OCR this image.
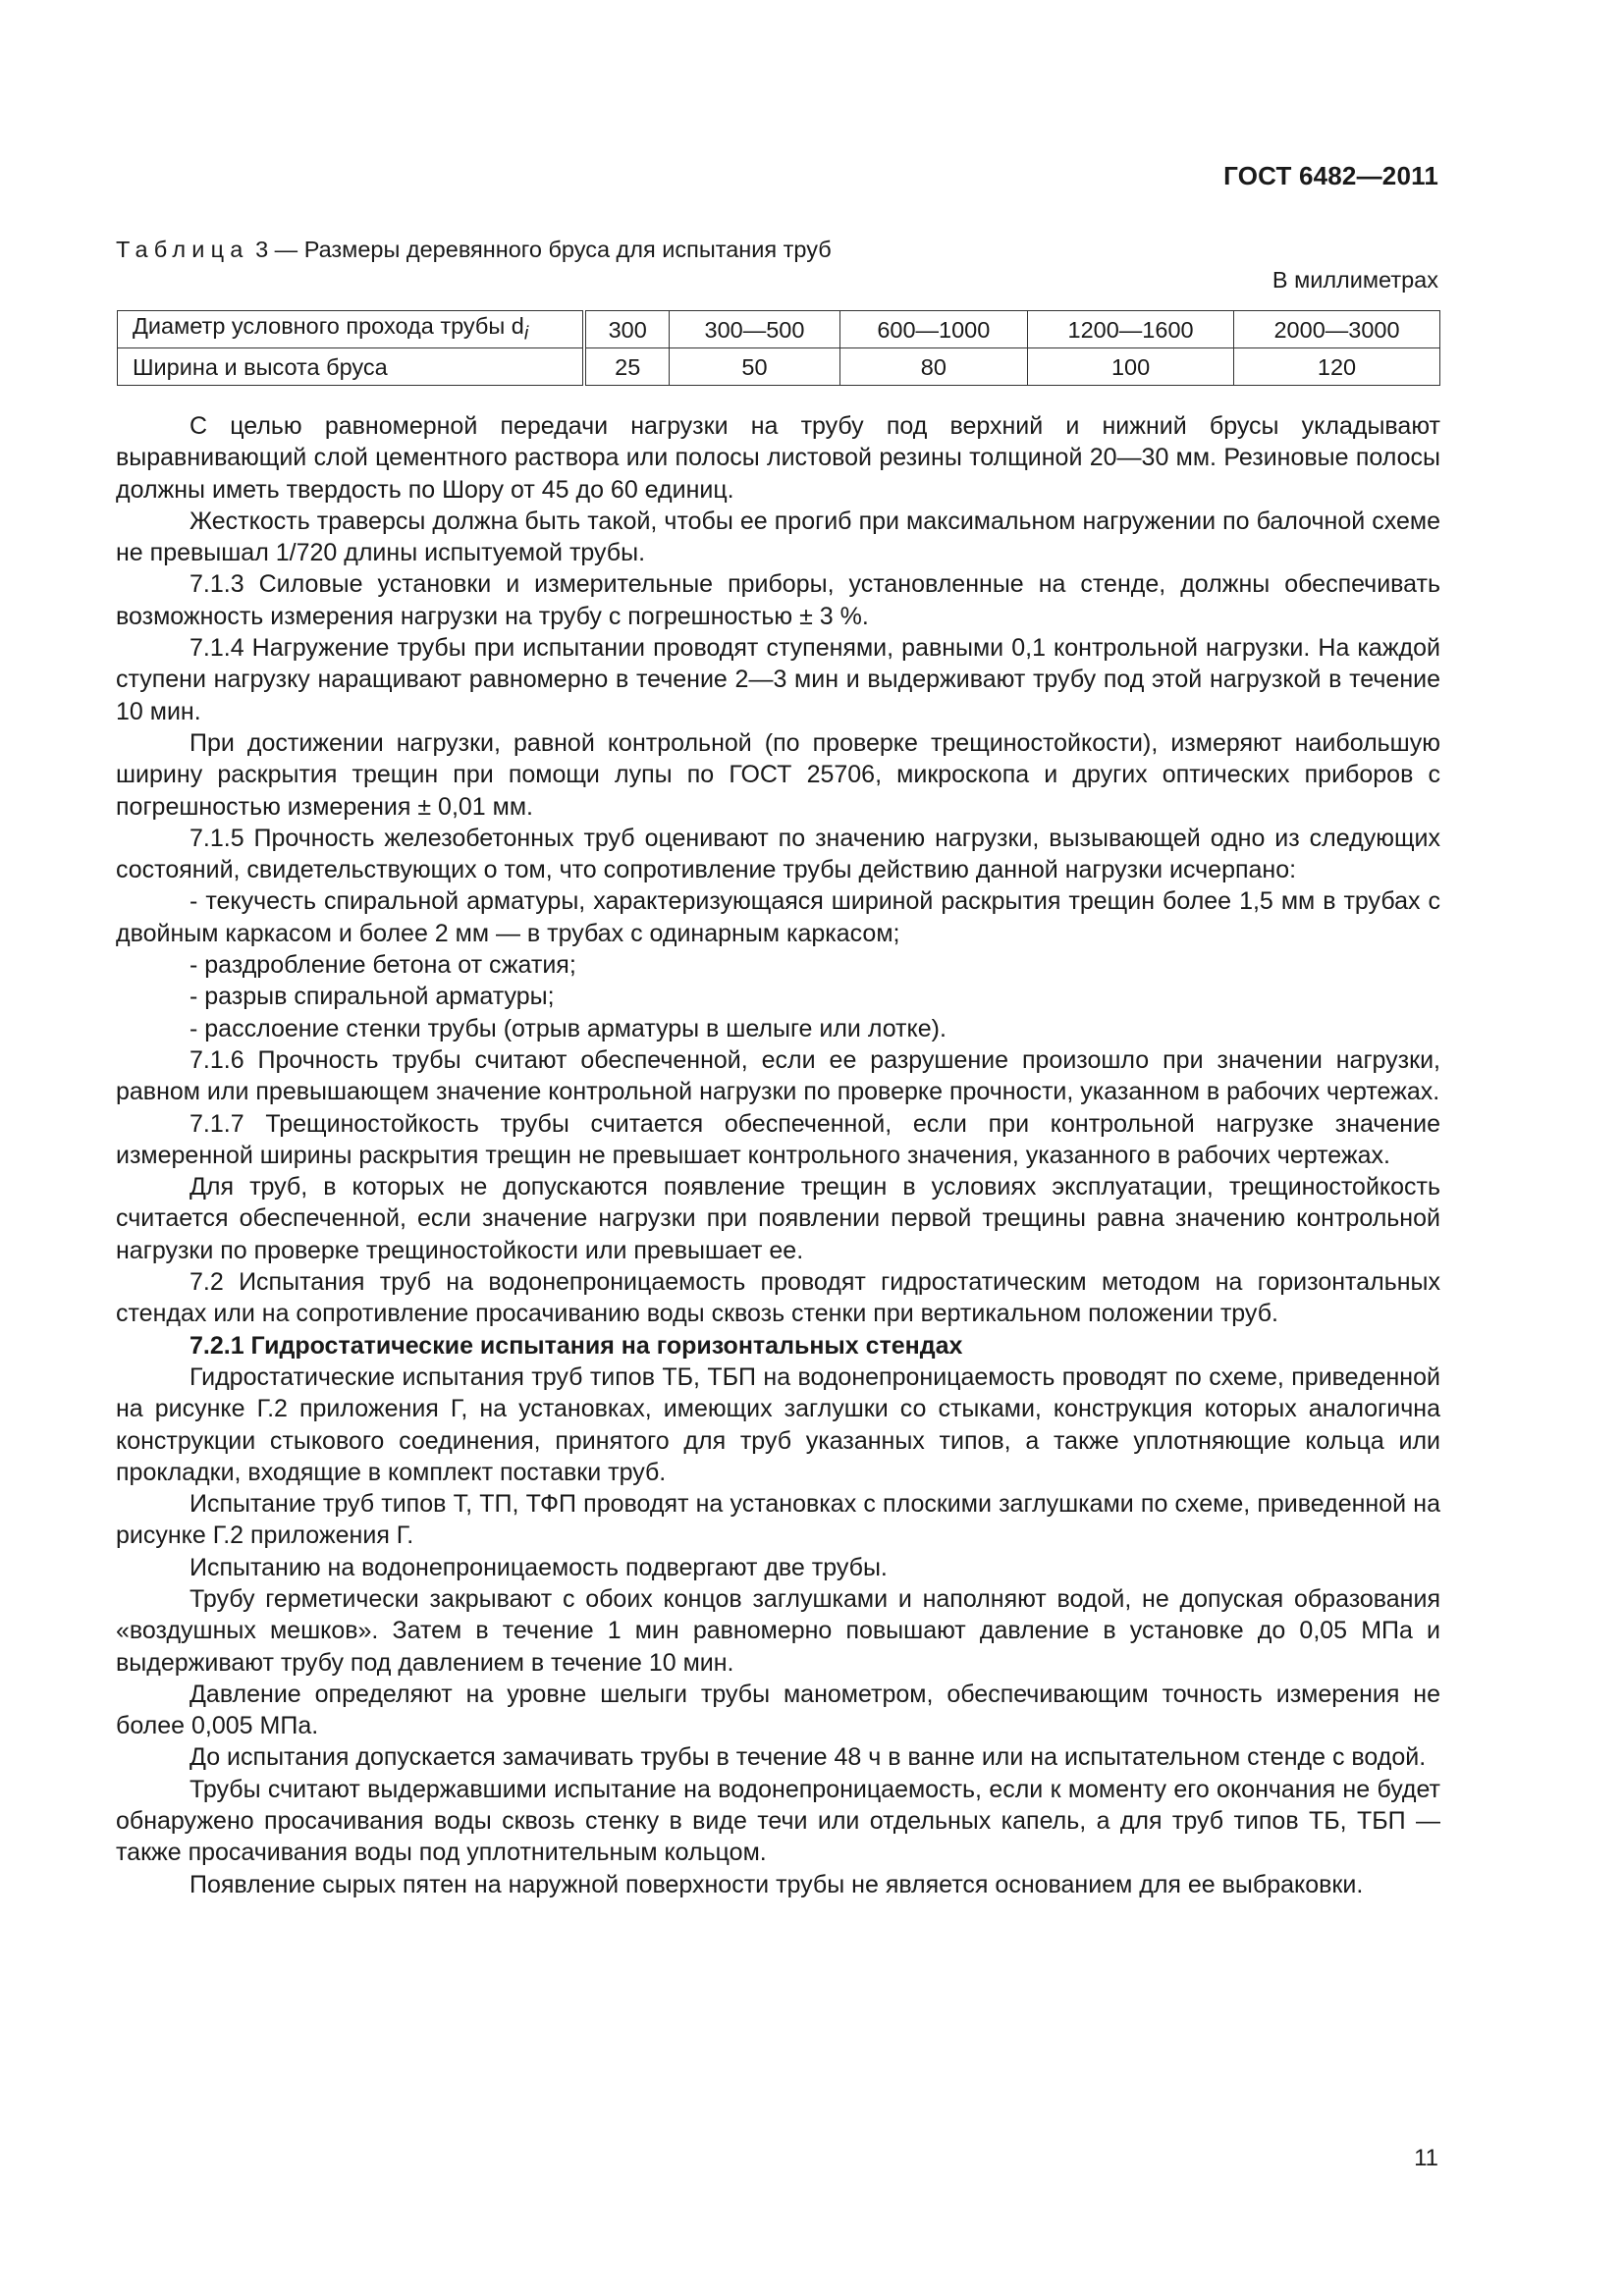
ГОСТ 6482—2011
Таблица 3 — Размеры деревянного бруса для испытания труб
В миллиметрах
Диаметр условного прохода трубы $d_i$	300	300—500	600—1000	1200—1600	2000—3000
Ширина и высота бруса	25	50	80	100	120

С целью равномерной передачи нагрузки на трубу под верхний и нижний брусы укладывают выравнивающий слой цементного раствора или полосы листовой резины толщиной 20—30 мм. Резиновые полосы должны иметь твердость по Шору от 45 до 60 единиц.

Жесткость траверсы должна быть такой, чтобы ее прогиб при максимальном нагружении по балочной схеме не превышал 1/720 длины испытуемой трубы.

7.1.3 Силовые установки и измерительные приборы, установленные на стенде, должны обеспечивать возможность измерения нагрузки на трубу с погрешностью ± 3 %.

7.1.4 Нагружение трубы при испытании проводят ступенями, равными 0,1 контрольной нагрузки. На каждой ступени нагрузку наращивают равномерно в течение 2—3 мин и выдерживают трубу под этой нагрузкой в течение 10 мин.

При достижении нагрузки, равной контрольной (по проверке трещиностойкости), измеряют наибольшую ширину раскрытия трещин при помощи лупы по ГОСТ 25706, микроскопа и других оптических приборов с погрешностью измерения ± 0,01 мм.

7.1.5 Прочность железобетонных труб оценивают по значению нагрузки, вызывающей одно из следующих состояний, свидетельствующих о том, что сопротивление трубы действию данной нагрузки исчерпано:

- текучесть спиральной арматуры, характеризующаяся шириной раскрытия трещин более 1,5 мм в трубах с двойным каркасом и более 2 мм — в трубах с одинарным каркасом;

- раздробление бетона от сжатия;

- разрыв спиральной арматуры;

- расслоение стенки трубы (отрыв арматуры в шелыге или лотке).

7.1.6 Прочность трубы считают обеспеченной, если ее разрушение произошло при значении нагрузки, равном или превышающем значение контрольной нагрузки по проверке прочности, указанном в рабочих чертежах.

7.1.7 Трещиностойкость трубы считается обеспеченной, если при контрольной нагрузке значение измеренной ширины раскрытия трещин не превышает контрольного значения, указанного в рабочих чертежах.

Для труб, в которых не допускаются появление трещин в условиях эксплуатации, трещиностойкость считается обеспеченной, если значение нагрузки при появлении первой трещины равна значению контрольной нагрузки по проверке трещиностойкости или превышает ее.

7.2 Испытания труб на водонепроницаемость проводят гидростатическим методом на горизонтальных стендах или на сопротивление просачиванию воды сквозь стенки при вертикальном положении труб.

7.2.1 Гидростатические испытания на горизонтальных стендах

Гидростатические испытания труб типов ТБ, ТБП на водонепроницаемость проводят по схеме, приведенной на рисунке Г.2 приложения Г, на установках, имеющих заглушки со стыками, конструкция которых аналогична конструкции стыкового соединения, принятого для труб указанных типов, а также уплотняющие кольца или прокладки, входящие в комплект поставки труб.

Испытание труб типов Т, ТП, ТФП проводят на установках с плоскими заглушками по схеме, приведенной на рисунке Г.2 приложения Г.

Испытанию на водонепроницаемость подвергают две трубы.

Трубу герметически закрывают с обоих концов заглушками и наполняют водой, не допуская образования «воздушных мешков». Затем в течение 1 мин равномерно повышают давление в установке до 0,05 МПа и выдерживают трубу под давлением в течение 10 мин.

Давление определяют на уровне шелыги трубы манометром, обеспечивающим точность измерения не более 0,005 МПа.

До испытания допускается замачивать трубы в течение 48 ч в ванне или на испытательном стенде с водой.

Трубы считают выдержавшими испытание на водонепроницаемость, если к моменту его окончания не будет обнаружено просачивания воды сквозь стенку в виде течи или отдельных капель, а для труб типов ТБ, ТБП — также просачивания воды под уплотнительным кольцом.

Появление сырых пятен на наружной поверхности трубы не является основанием для ее выбраковки.

11
